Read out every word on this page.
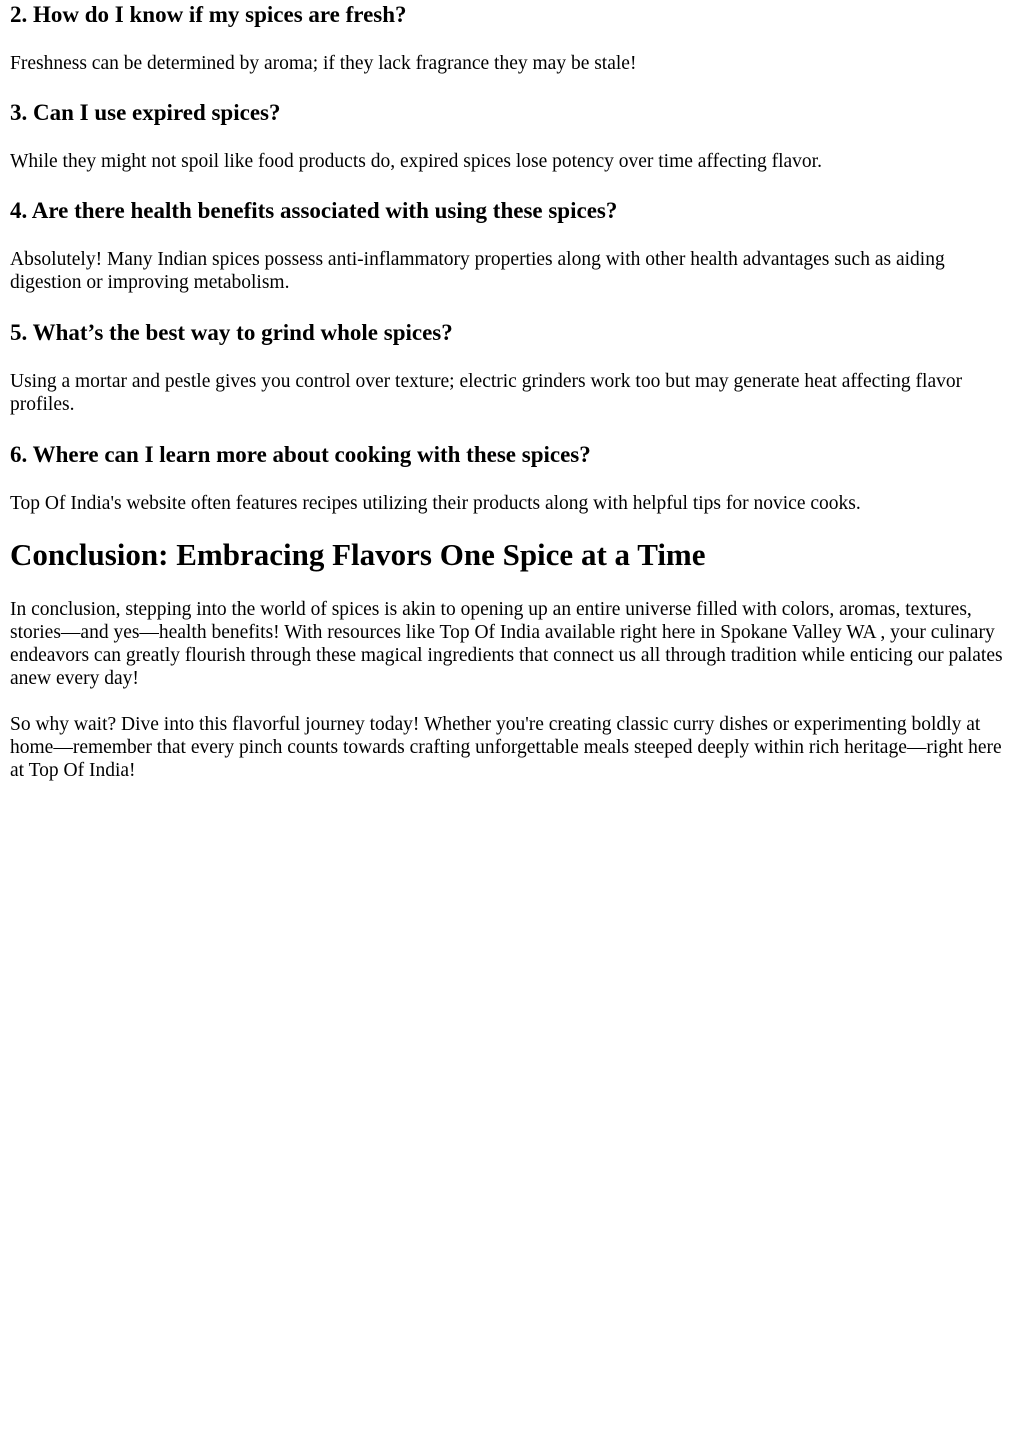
2. How do I know if my spices are fresh?

Freshness can be determined by aroma; if they lack fragrance they may be stale!

3. Can I use expired spices?

While they might not spoil like food products do, expired spices lose potency over time affecting flavor.

4. Are there health benefits associated with using these spices?

Absolutely! Many Indian spices possess anti-inflammatory properties along with other health advantages such as aiding digestion or improving metabolism.

5. What’s the best way to grind whole spices?

Using a mortar and pestle gives you control over texture; electric grinders work too but may generate heat affecting flavor profiles.

6. Where can I learn more about cooking with these spices?

Top Of India's website often features recipes utilizing their products along with helpful tips for novice cooks.

Conclusion: Embracing Flavors One Spice at a Time

In conclusion, stepping into the world of spices is akin to opening up an entire universe filled with colors, aromas, textures, stories—and yes—health benefits! With resources like Top Of India available right here in Spokane Valley WA , your culinary endeavors can greatly flourish through these magical ingredients that connect us all through tradition while enticing our palates anew every day!

So why wait? Dive into this flavorful journey today! Whether you're creating classic curry dishes or experimenting boldly at home—remember that every pinch counts towards crafting unforgettable meals steeped deeply within rich heritage—right here at Top Of India!
